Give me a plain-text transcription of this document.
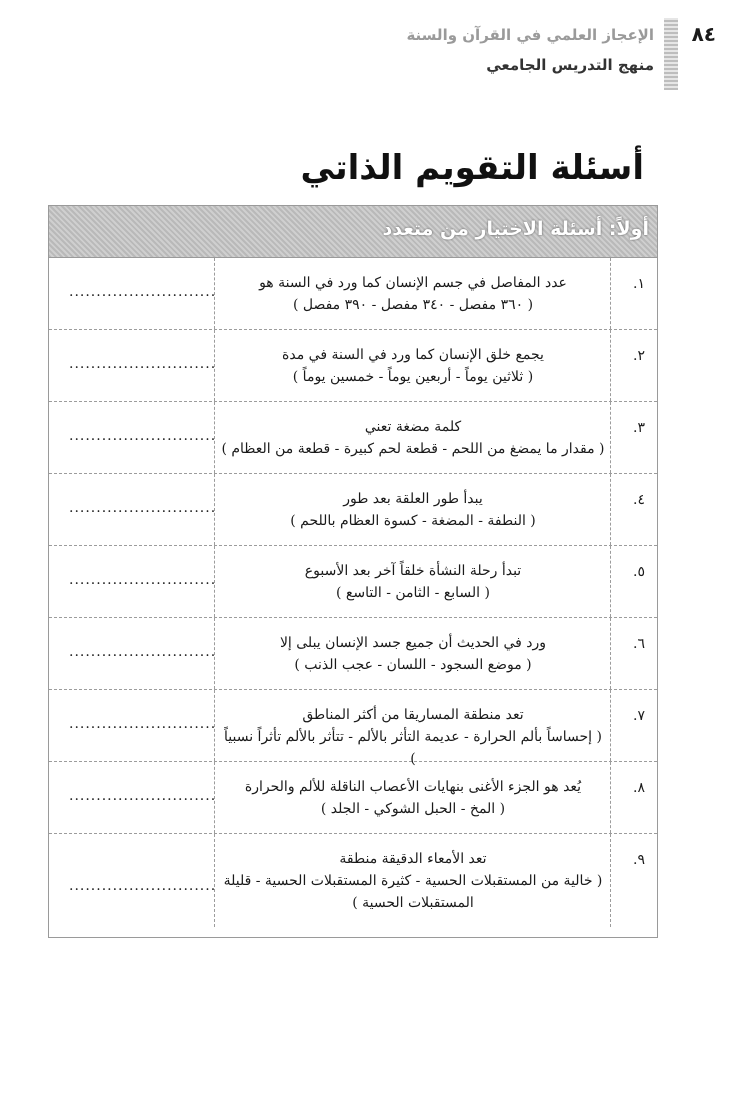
٨٤
الإعجاز العلمي في القرآن والسنة
منهج التدريس الجامعي
أسئلة التقويم الذاتي
أولاً: أسئلة الاختيار من متعدد
١.
عدد المفاصل في جسم الإنسان كما ورد في السنة هو
( ٣٦٠ مفصل - ٣٤٠ مفصل - ٣٩٠ مفصل )
...........................
٢.
يجمع خلق الإنسان كما ورد في السنة في مدة
( ثلاثين يوماً - أربعين يوماً - خمسين يوماً )
...........................
٣.
كلمة مضغة تعني
( مقدار ما يمضغ من اللحم - قطعة لحم كبيرة - قطعة من العظام )
...........................
٤.
يبدأ طور العلقة بعد طور
( النطفة - المضغة - كسوة العظام باللحم )
...........................
٥.
تبدأ رحلة النشأة خلقاً آخر بعد الأسبوع
( السابع - الثامن - التاسع )
...........................
٦.
ورد في الحديث أن جميع جسد الإنسان يبلى إلا
( موضع السجود - اللسان - عجب الذنب )
...........................
٧.
تعد منطقة المساريقا من أكثر المناطق
( إحساساً بألم الحرارة - عديمة التأثر بالألم - تتأثر بالألم تأثراً نسبياً )
...........................
٨.
يُعد هو الجزء الأغنى بنهايات الأعصاب الناقلة للألم والحرارة
( المخ - الحبل الشوكي - الجلد )
...........................
٩.
تعد الأمعاء الدقيقة منطقة
( خالية من المستقبلات الحسية - كثيرة المستقبلات الحسية - قليلة المستقبلات الحسية )
...........................
